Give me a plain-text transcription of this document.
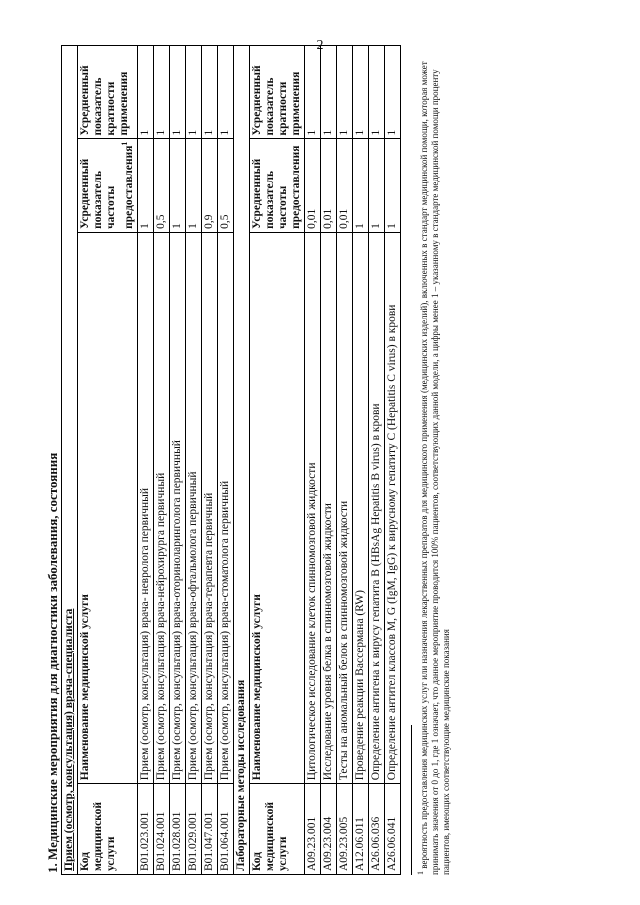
2
1. Медицинские мероприятия для диагностики заболевания, состояния Прием (осмотр, консультация) врача-специалиста			
Код медицинской услуги	Наименование медицинской услуги	Усредненный показатель частоты предоставления$^1$	Усредненный показатель кратности применения
B01.023.001	Прием (осмотр, консультация) врача- невролога первичный	1	1
B01.024.001	Прием (осмотр, консультация) врача-нейрохирурга первичный	0,5	1
B01.028.001	Прием (осмотр, консультация) врача-оториноларинголога первичный	1	1
B01.029.001	Прием (осмотр, консультация) врача-офтальмолога первичный	1	1
B01.047.001	Прием (осмотр, консультация) врача-терапевта первичный	0,9	1
B01.064.001	Прием (осмотр, консультация) врача-стоматолога первичный	0,5	1
Лабораторные методы исследования			
Код медицинской услуги	Наименование медицинской услуги	Усредненный показатель частоты предоставления	Усредненный показатель кратности применения
A09.23.001	Цитологическое исследование клеток спинномозговой жидкости	0,01	1
A09.23.004	Исследование уровня белка в спинномозговой жидкости	0,01	1
A09.23.005	Тесты на аномальный белок в спинномозговой жидкости	0,01	1
A12.06.011	Проведение реакции Вассермана (RW)	1	1
A26.06.036	Определение антигена к вирусу гепатита B (HBsAg Hepatitis B virus) в крови	1	1
A26.06.041	Определение антител классов M, G (IgM, IgG) к вирусному гепатиту C (Hepatitis C virus) в крови	1	1

$^1$ вероятность предоставления медицинских услуг или назначения лекарственных препаратов для медицинского применения (медицинских изделий), включенных в стандарт медицинской помощи, которая может принимать значения от 0 до 1, где 1 означает, что данное мероприятие проводится 100% пациентов, соответствующих данной модели, а цифры менее 1 – указанному в стандарте медицинской помощи проценту пациентов, имеющих соответствующие медицинские показания
